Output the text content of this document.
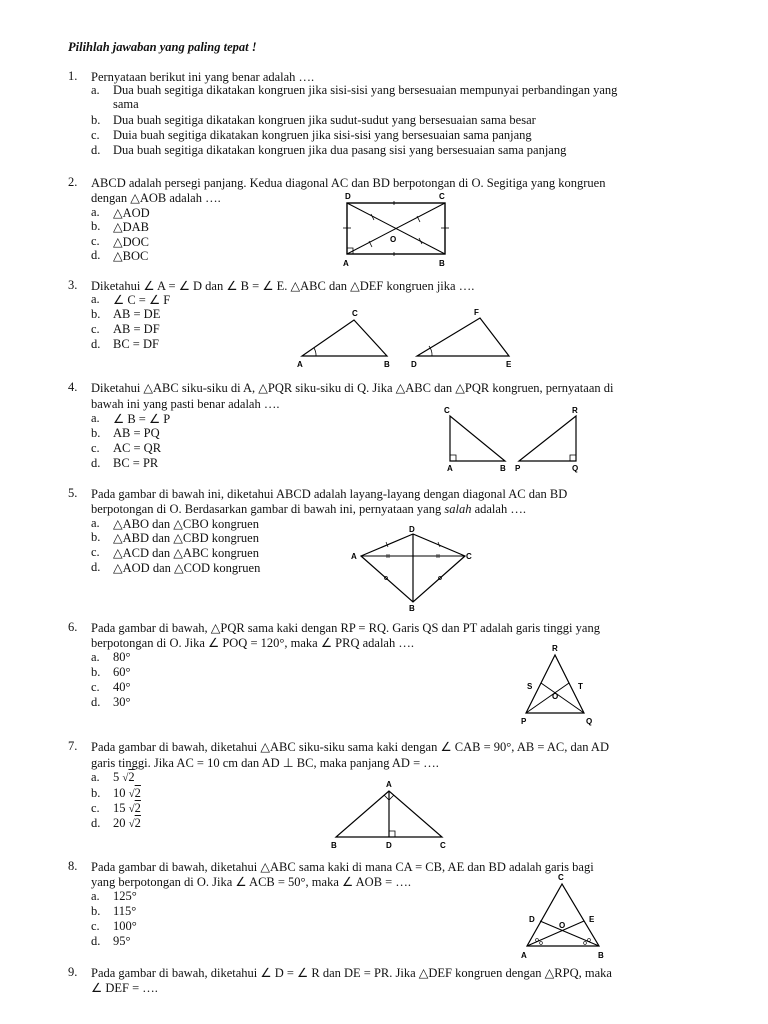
Pilihlah jawaban yang paling tepat !
1.	Pernyataan berikut ini yang benar adalah ….
a. Dua buah segitiga dikatakan kongruen jika sisi-sisi yang bersesuaian mempunyai perbandingan yang
sama
b. Dua buah segitiga dikatakan kongruen jika sudut-sudut yang bersesuaian sama besar
c. Duia buah segitiga dikatakan kongruen jika sisi-sisi yang bersesuaian sama panjang
d. Dua buah segitiga dikatakan kongruen jika dua pasang sisi yang bersesuaian sama panjang
2.	ABCD adalah persegi panjang. Kedua diagonal AC dan BD berpotongan di O. Segitiga yang kongruen
dengan △AOB adalah ….
a. △AOD
b. △DAB
c. △DOC
d. △BOC
D	C
O
A	B
3.	Diketahui ∠ A = ∠ D dan ∠ B = ∠ E. △ABC dan △DEF kongruen jika ….
a. ∠ C = ∠ F
b. AB = DE
c. AB = DF
d. BC = DF
C
A	B
F
D	E
4.	Diketahui △ABC siku-siku di A, △PQR siku-siku di Q. Jika △ABC dan △PQR kongruen, pernyataan di
bawah ini yang pasti benar adalah ….
a. ∠ B = ∠ P
b. AB = PQ
c. AC = QR
d. BC = PR
C
A	B
R
P	Q
5.	Pada gambar di bawah ini, diketahui ABCD adalah layang-layang dengan diagonal AC dan BD
berpotongan di O. Berdasarkan gambar di bawah ini, pernyataan yang salah adalah ….
a. △ABO dan △CBO kongruen
b. △ABD dan △CBD kongruen
c. △ACD dan △ABC kongruen
d. △AOD dan △COD kongruen
D
A	C
B
6.	Pada gambar di bawah, △PQR sama kaki dengan RP = RQ. Garis QS dan PT adalah garis tinggi yang
berpotongan di O. Jika ∠ POQ = 120°, maka ∠ PRQ adalah ….
a. 80°
b. 60°
c. 40°
d. 30°
R
S	T
O
P	Q
7.	Pada gambar di bawah, diketahui △ABC siku-siku sama kaki dengan ∠ CAB = 90°, AB = AC, dan AD
garis tinggi. Jika AC = 10 cm dan AD ⊥ BC, maka panjang AD = ….
a. 5 √2
b. 10 √2
c. 15 √2
d. 20 √2
A
B	D	C
8.	Pada gambar di bawah, diketahui △ABC sama kaki di mana CA = CB, AE dan BD adalah garis bagi
yang berpotongan di O. Jika ∠ ACB = 50°, maka ∠ AOB = ….
a. 125°
b. 115°
c. 100°
d. 95°
C
D	E
O
A	B
9.	Pada gambar di bawah, diketahui ∠ D = ∠ R dan DE = PR. Jika △DEF kongruen dengan △RPQ, maka
∠ DEF = ….
